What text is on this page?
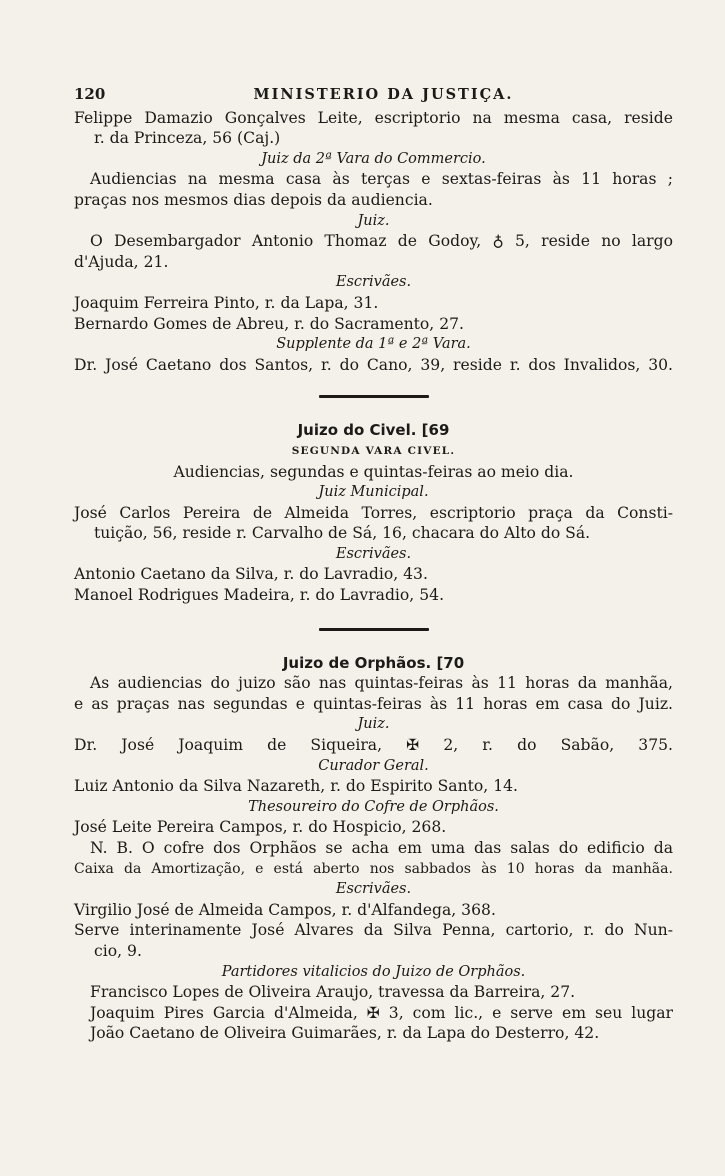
120	MINISTERIO DA JUSTIÇA.
Felippe Damazio Gonçalves Leite, escriptorio na mesma casa, reside
r. da Princeza, 56 (Caj.)
Juiz da 2ª Vara do Commercio.
Audiencias na mesma casa às terças e sextas-feiras às 11 horas ;
praças nos mesmos dias depois da audiencia.
Juiz.
O Desembargador Antonio Thomaz de Godoy, ♁ 5, reside no largo
d'Ajuda, 21.
Escrivães.
Joaquim Ferreira Pinto, r. da Lapa, 31.
Bernardo Gomes de Abreu, r. do Sacramento, 27.
Supplente da 1ª e 2ª Vara.
Dr. José Caetano dos Santos, r. do Cano, 39, reside r. dos Invalidos, 30.
Juizo do Civel. [69
SEGUNDA VARA CIVEL.
Audiencias, segundas e quintas-feiras ao meio dia.
Juiz Municipal.
José Carlos Pereira de Almeida Torres, escriptorio praça da Consti-
tuição, 56, reside r. Carvalho de Sá, 16, chacara do Alto do Sá.
Escrivães.
Antonio Caetano da Silva, r. do Lavradio, 43.
Manoel Rodrigues Madeira, r. do Lavradio, 54.
Juizo de Orphãos. [70
As audiencias do juizo são nas quintas-feiras às 11 horas da manhãa,
e as praças nas segundas e quintas-feiras às 11 horas em casa do Juiz.
Juiz.
Dr. José Joaquim de Siqueira, ✠ 2, r. do Sabão, 375.
Curador Geral.
Luiz Antonio da Silva Nazareth, r. do Espirito Santo, 14.
Thesoureiro do Cofre de Orphãos.
José Leite Pereira Campos, r. do Hospicio, 268.
N. B. O cofre dos Orphãos se acha em uma das salas do edificio da
Caixa da Amortização, e está aberto nos sabbados às 10 horas da manhãa.
Escrivães.
Virgilio José de Almeida Campos, r. d'Alfandega, 368.
Serve interinamente José Alvares da Silva Penna, cartorio, r. do Nun-
cio, 9.
Partidores vitalicios do Juizo de Orphãos.
Francisco Lopes de Oliveira Araujo, travessa da Barreira, 27.
Joaquim Pires Garcia d'Almeida, ✠ 3, com lic., e serve em seu lugar
João Caetano de Oliveira Guimarães, r. da Lapa do Desterro, 42.
